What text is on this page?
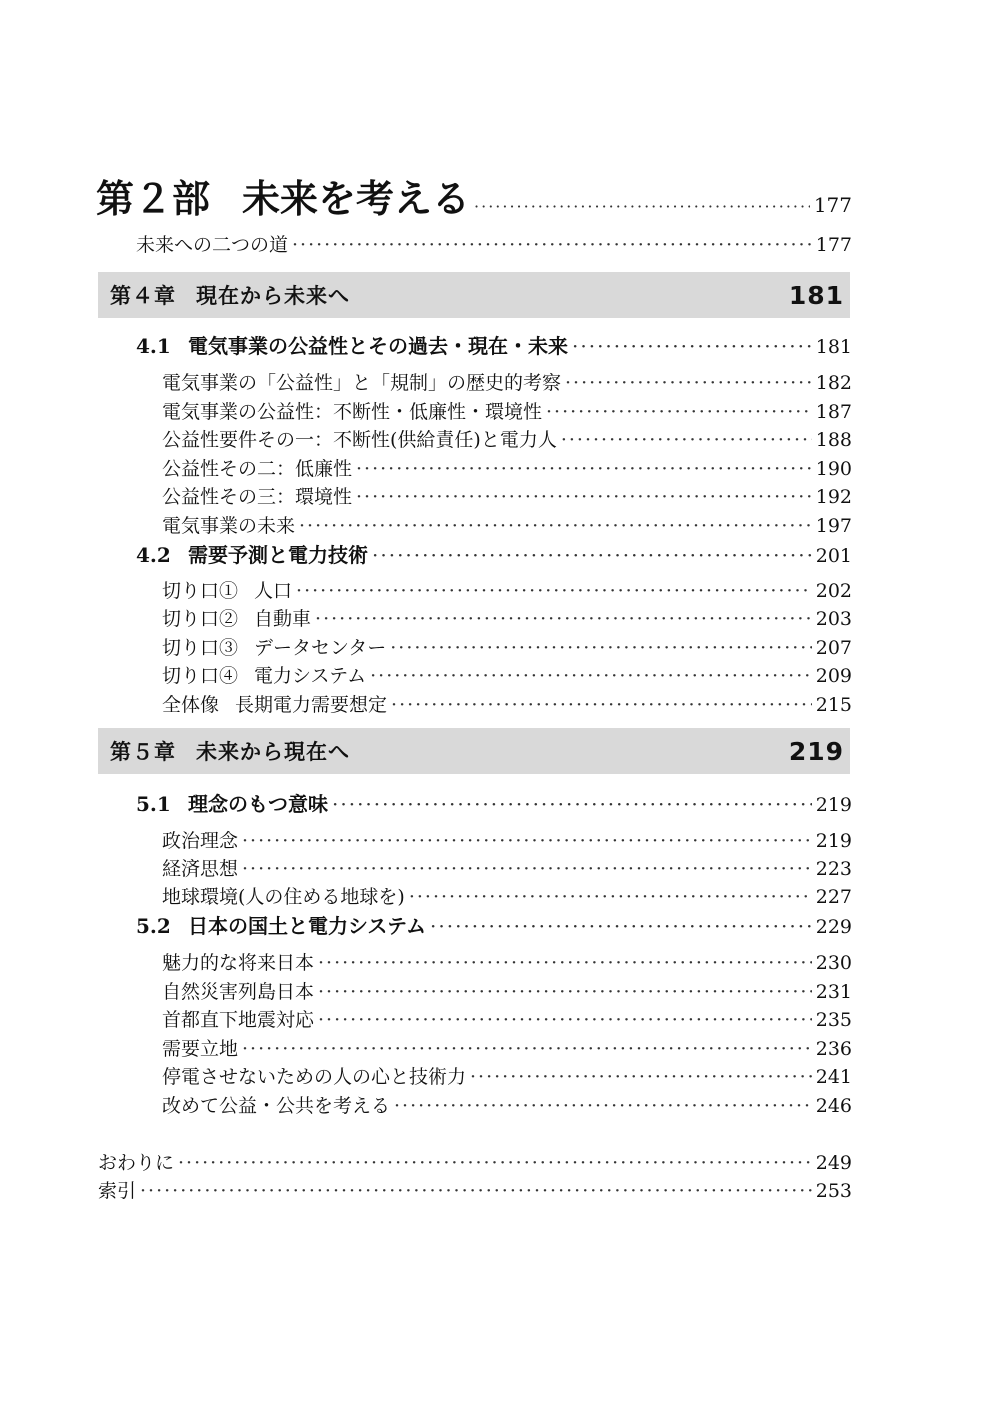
第２部 未来を考える ·····	177
未来への二つの道 ·····	177
第４章 現在から未来へ	181
4.1 電気事業の公益性とその過去・現在・未来 ·····	181
電気事業の「公益性」と「規制」の歴史的考察 ·····	182
電気事業の公益性：不断性・低廉性・環境性 ·····	187
公益性要件その一：不断性(供給責任)と電力人 ·····	188
公益性その二：低廉性 ·····	190
公益性その三：環境性 ·····	192
電気事業の未来 ·····	197
4.2 需要予測と電力技術 ·····	201
切り口① 人口 ·····	202
切り口② 自動車 ·····	203
切り口③ データセンター ·····	207
切り口④ 電力システム ·····	209
全体像 長期電力需要想定 ·····	215
第５章 未来から現在へ	219
5.1 理念のもつ意味 ·····	219
政治理念 ·····	219
経済思想 ·····	223
地球環境(人の住める地球を) ·····	227
5.2 日本の国土と電力システム ·····	229
魅力的な将来日本 ·····	230
自然災害列島日本 ·····	231
首都直下地震対応 ·····	235
需要立地 ·····	236
停電させないための人の心と技術力 ·····	241
改めて公益・公共を考える ·····	246
おわりに ·····	249
索引 ·····	253
